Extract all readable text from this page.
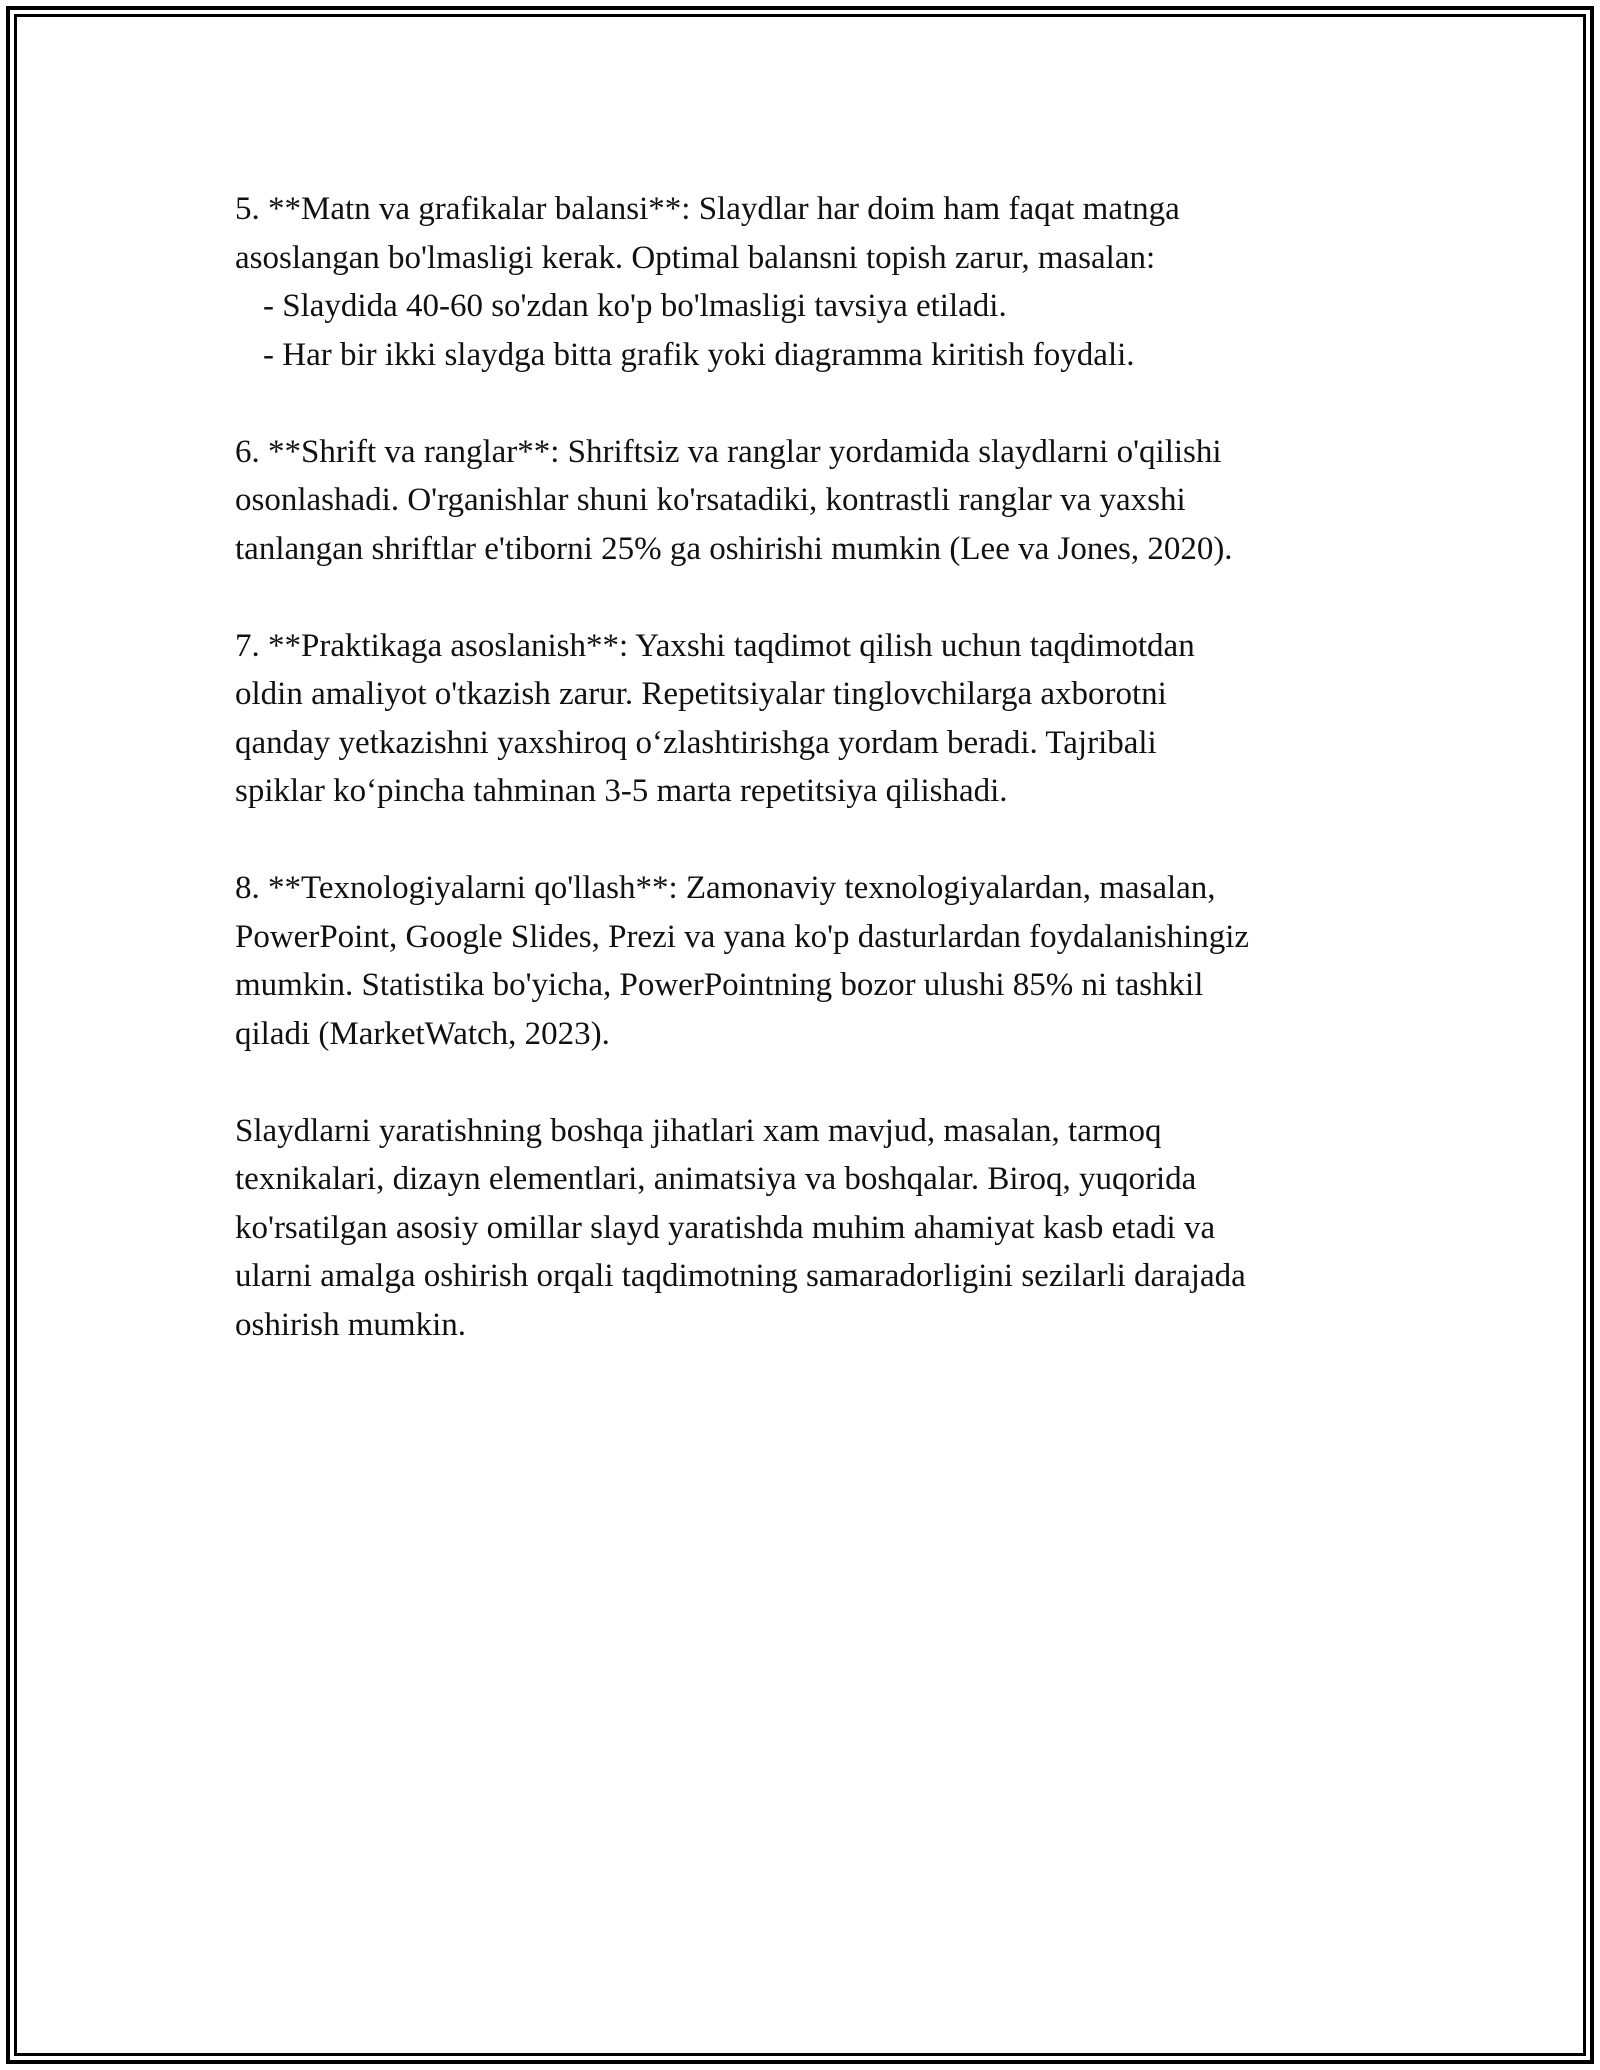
5. **Matn va grafikalar balansi**: Slaydlar har doim ham faqat matnga
asoslangan bo'lmasligi kerak. Optimal balansni topish zarur, masalan:
- Slaydida 40-60 so'zdan ko'p bo'lmasligi tavsiya etiladi.
- Har bir ikki slaydga bitta grafik yoki diagramma kiritish foydali.

6. **Shrift va ranglar**: Shriftsiz va ranglar yordamida slaydlarni o'qilishi
osonlashadi. O'rganishlar shuni ko'rsatadiki, kontrastli ranglar va yaxshi
tanlangan shriftlar e'tiborni 25% ga oshirishi mumkin (Lee va Jones, 2020).

7. **Praktikaga asoslanish**: Yaxshi taqdimot qilish uchun taqdimotdan
oldin amaliyot o'tkazish zarur. Repetitsiyalar tinglovchilarga axborotni
qanday yetkazishni yaxshiroq o‘zlashtirishga yordam beradi. Tajribali
spiklar ko‘pincha tahminan 3-5 marta repetitsiya qilishadi.

8. **Texnologiyalarni qo'llash**: Zamonaviy texnologiyalardan, masalan,
PowerPoint, Google Slides, Prezi va yana ko'p dasturlardan foydalanishingiz
mumkin. Statistika bo'yicha, PowerPointning bozor ulushi 85% ni tashkil
qiladi (MarketWatch, 2023).

Slaydlarni yaratishning boshqa jihatlari xam mavjud, masalan, tarmoq
texnikalari, dizayn elementlari, animatsiya va boshqalar. Biroq, yuqorida
ko'rsatilgan asosiy omillar slayd yaratishda muhim ahamiyat kasb etadi va
ularni amalga oshirish orqali taqdimotning samaradorligini sezilarli darajada
oshirish mumkin.
